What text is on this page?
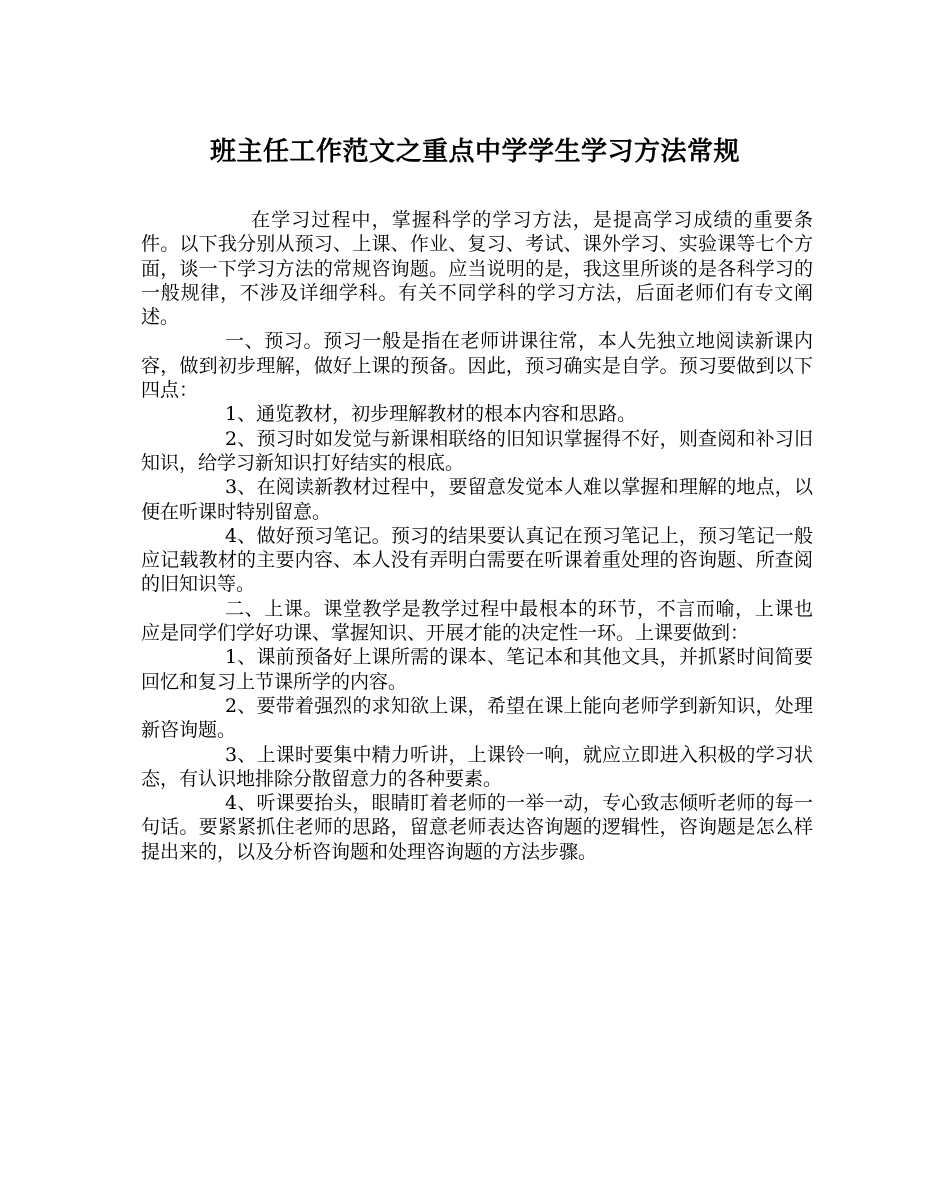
班主任工作范文之重点中学学生学习方法常规

在学习过程中，掌握科学的学习方法，是提高学习成绩的重要条件。以下我分别从预习、上课、作业、复习、考试、课外学习、实验课等七个方面，谈一下学习方法的常规咨询题。应当说明的是，我这里所谈的是各科学习的一般规律，不涉及详细学科。有关不同学科的学习方法，后面老师们有专文阐述。

一、预习。预习一般是指在老师讲课往常，本人先独立地阅读新课内容，做到初步理解，做好上课的预备。因此，预习确实是自学。预习要做到以下四点：

1、通览教材，初步理解教材的根本内容和思路。

2、预习时如发觉与新课相联络的旧知识掌握得不好，则查阅和补习旧知识，给学习新知识打好结实的根底。

3、在阅读新教材过程中，要留意发觉本人难以掌握和理解的地点，以便在听课时特别留意。

4、做好预习笔记。预习的结果要认真记在预习笔记上，预习笔记一般应记载教材的主要内容、本人没有弄明白需要在听课着重处理的咨询题、所查阅的旧知识等。

二、上课。课堂教学是教学过程中最根本的环节，不言而喻，上课也应是同学们学好功课、掌握知识、开展才能的决定性一环。上课要做到：

1、课前预备好上课所需的课本、笔记本和其他文具，并抓紧时间简要回忆和复习上节课所学的内容。

2、要带着强烈的求知欲上课，希望在课上能向老师学到新知识，处理新咨询题。

3、上课时要集中精力听讲，上课铃一响，就应立即进入积极的学习状态，有认识地排除分散留意力的各种要素。

4、听课要抬头，眼睛盯着老师的一举一动，专心致志倾听老师的每一句话。要紧紧抓住老师的思路，留意老师表达咨询题的逻辑性，咨询题是怎么样提出来的，以及分析咨询题和处理咨询题的方法步骤。
